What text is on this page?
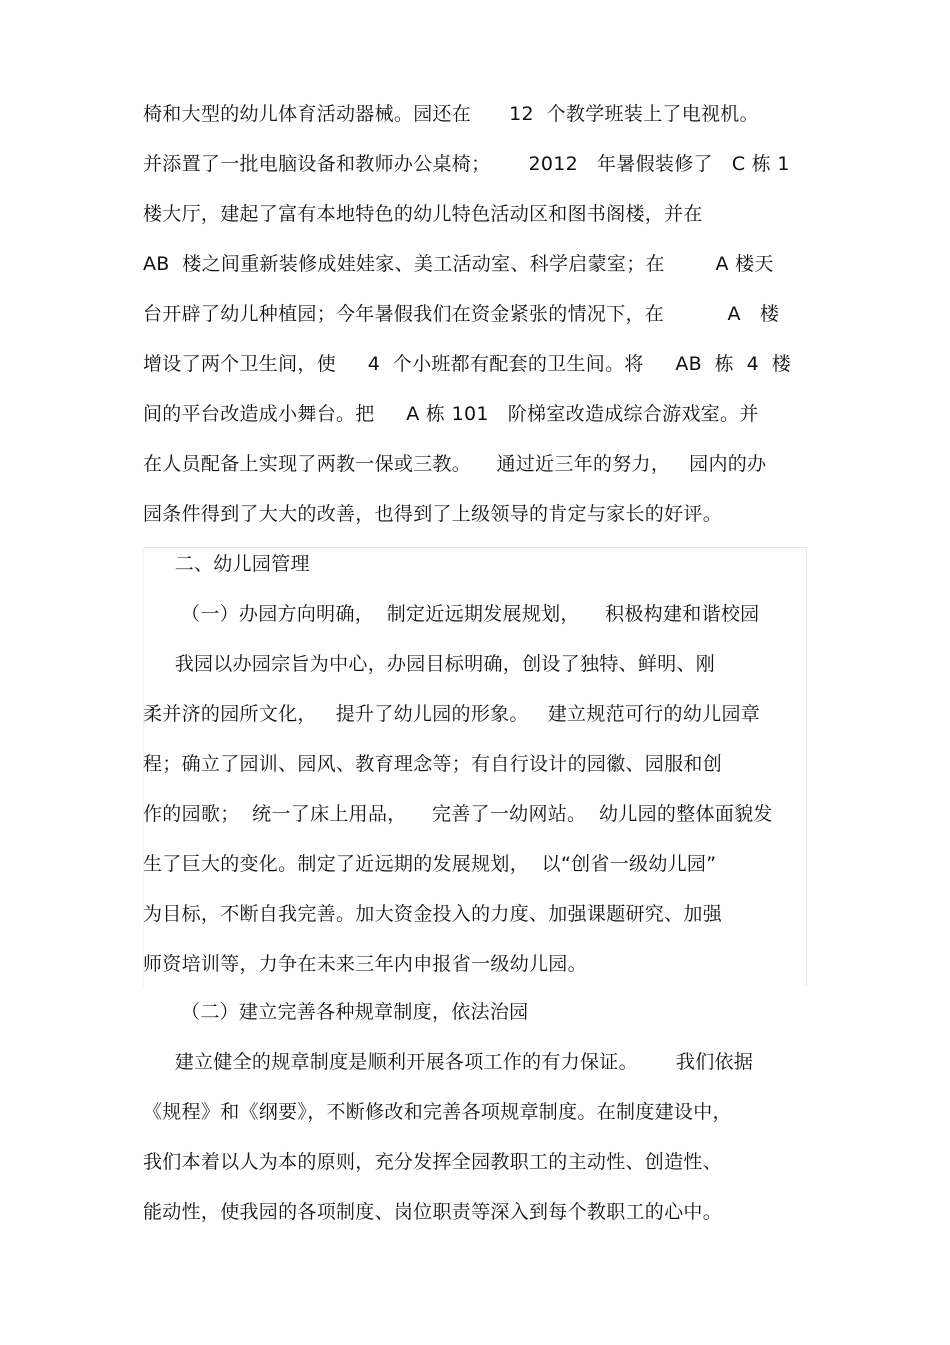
椅和大型的幼儿体育活动器械。园还在      12  个教学班装上了电视机。
并添置了一批电脑设备和教师办公桌椅；      2012   年暑假装修了   C 栋 1
楼大厅，建起了富有本地特色的幼儿特色活动区和图书阁楼，并在
AB  楼之间重新装修成娃娃家、美工活动室、科学启蒙室；在        A 楼天
台开辟了幼儿种植园；今年暑假我们在资金紧张的情况下，在          A   楼
增设了两个卫生间，使     4  个小班都有配套的卫生间。将     AB  栋  4  楼
间的平台改造成小舞台。把     A 栋 101   阶梯室改造成综合游戏室。并
在人员配备上实现了两教一保或三教。    通过近三年的努力，   园内的办
园条件得到了大大的改善，也得到了上级领导的肯定与家长的好评。
二、幼儿园管理
（一）办园方向明确，  制定近远期发展规划，    积极构建和谐校园
我园以办园宗旨为中心，办园目标明确，创设了独特、鲜明、刚
柔并济的园所文化，   提升了幼儿园的形象。   建立规范可行的幼儿园章
程；确立了园训、园风、教育理念等；有自行设计的园徽、园服和创
作的园歌；  统一了床上用品，    完善了一幼网站。  幼儿园的整体面貌发
生了巨大的变化。制定了近远期的发展规划，  以“创省一级幼儿园”
为目标，不断自我完善。加大资金投入的力度、加强课题研究、加强
师资培训等，力争在未来三年内申报省一级幼儿园。
（二）建立完善各种规章制度，依法治园
建立健全的规章制度是顺利开展各项工作的有力保证。      我们依据
《规程》和《纲要》，不断修改和完善各项规章制度。在制度建设中，
我们本着以人为本的原则，充分发挥全园教职工的主动性、创造性、
能动性，使我园的各项制度、岗位职责等深入到每个教职工的心中。
